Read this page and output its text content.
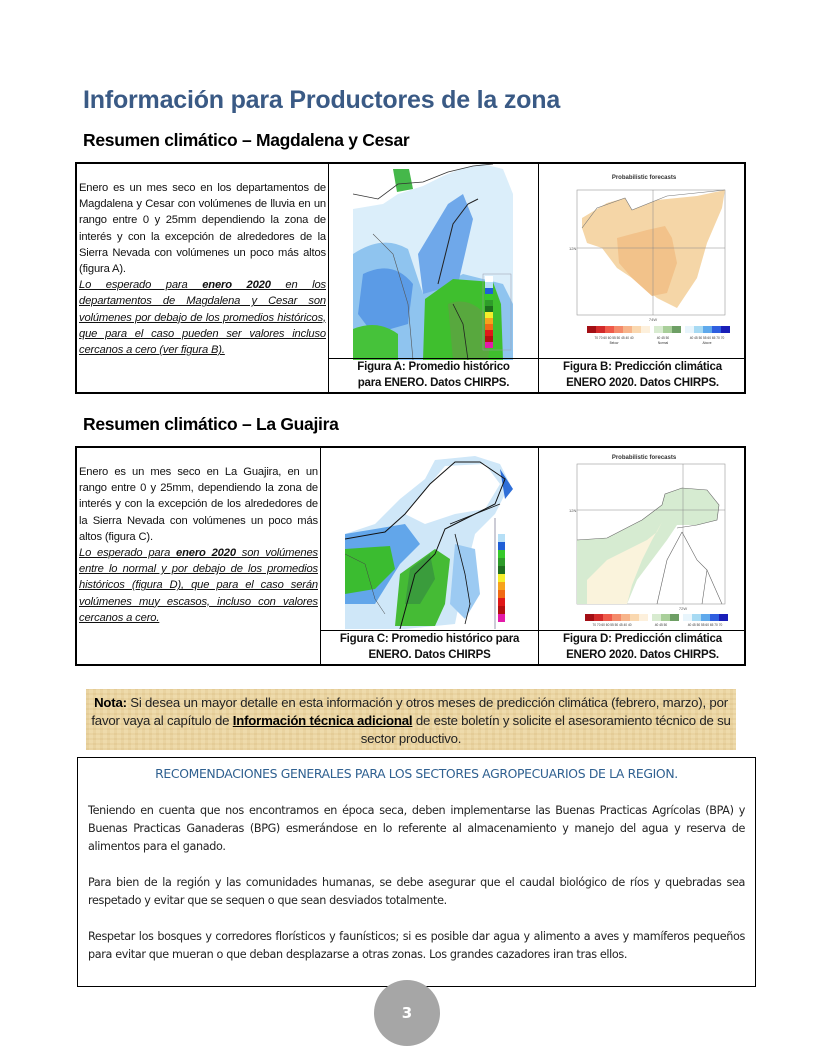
Información para Productores de la zona
Resumen climático – Magdalena y Cesar

Enero es un mes seco en los departamentos de Magdalena y Cesar con volúmenes de lluvia en un rango entre 0 y 25mm dependiendo la zona de interés y con la excepción de alrededores de la Sierra Nevada con volúmenes un poco más altos (figura A).

Lo esperado para enero 2020 en los departamentos de Magdalena y Cesar son volúmenes por debajo de los promedios históricos, que para el caso pueden ser valores incluso cercanos a cero (ver figura B).

Figura A: Promedio histórico
para ENERO. Datos CHIRPS.
Probabilistic forecasts
12N
74W
70 70 60 60 55 50 45 40 40	40 45 50	40 45 50 55 60 65 70 70
Below	Normal	Above
Figura B: Predicción climática
ENERO 2020. Datos CHIRPS.
Resumen climático – La Guajira

Enero es un mes seco en La Guajira, en un rango entre 0 y 25mm, dependiendo la zona de interés y con la excepción de los alrededores de la Sierra Nevada con volúmenes un poco más altos (figura C).

Lo esperado para enero 2020 son volúmenes entre lo normal y por debajo de los promedios históricos (figura D), que para el caso serán volúmenes muy escasos, incluso con valores cercanos a cero.

Figura C: Promedio histórico para
ENERO. Datos CHIRPS
Probabilistic forecasts
12N
72W
70 70 60 60 55 50 45 40 40	40 45 50	40 45 50 55 60 65 70 70
Figura D: Predicción climática
ENERO 2020. Datos CHIRPS.
Nota: Si desea un mayor detalle en esta información y otros meses de predicción climática (febrero, marzo), por favor vaya al capítulo de Información técnica adicional de este boletín y solicite el asesoramiento técnico de su sector productivo.
RECOMENDACIONES GENERALES PARA LOS SECTORES AGROPECUARIOS DE LA REGION.

Teniendo en cuenta que nos encontramos en época seca, deben implementarse las Buenas Practicas Agrícolas (BPA) y Buenas Practicas Ganaderas (BPG) esmerándose en lo referente al almacenamiento y manejo del agua y reserva de alimentos para el ganado.

Para bien de la región y las comunidades humanas, se debe asegurar que el caudal biológico de ríos y quebradas sea respetado y evitar que se sequen o que sean desviados totalmente.

Respetar los bosques y corredores florísticos y faunísticos; si es posible dar agua y alimento a aves y mamíferos pequeños para evitar que mueran o que deban desplazarse a otras zonas. Los grandes cazadores iran tras ellos.

3
